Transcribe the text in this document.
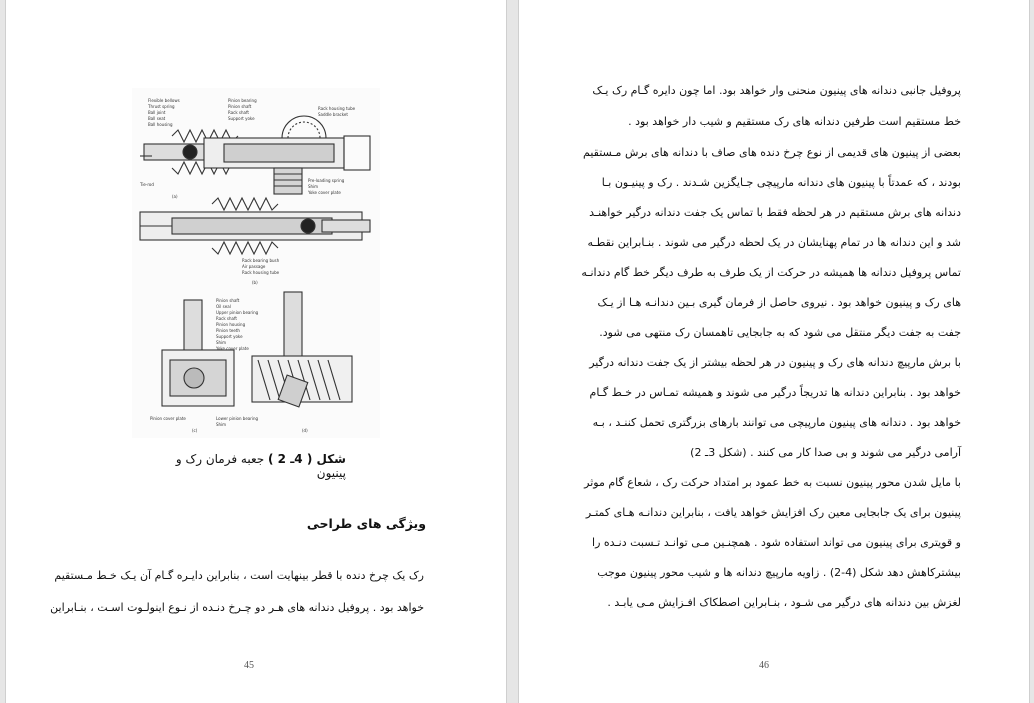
Flexible bellows
Thrust spring
Ball joint
Ball seat
Ball housing
Pinion bearing
Pinion shaft
Rack shaft
Support yoke
Rack housing tube
Saddle bracket
Tie-rod
Pre-loading spring
Shim
Yoke cover plate
Rack bearing bush
Air passage
Rack housing tube
Pinion shaft
Oil seal
Upper pinion bearing
Rack shaft
Pinion housing
Pinion teeth
Support yoke
Shim
Yoke cover plate
Pinion cover plate	Lower pinion bearing
Shim
(a)
(b)
(c)	(d)
شکل ( 4ـ 2 ) جعبه فرمان رک و پینیون
ویژگی های طراحی
رک یک چرخ دنده با قطر بینهایت است ، بنابراین دایـره گـام آن یـک خـط مـستقیم
خواهد بود . پروفیل دندانه های هـر دو چـرخ دنـده از نـوع اینولـوت اسـت ، بنـابراین
45
پروفیل جانبی دندانه های پینیون منحنی وار خواهد بود. اما چون دایره گـام رک یـک
خط مستقیم است طرفین دندانه های رک مستقیم و شیب دار خواهد بود .
بعضی از پینیون های قدیمی از نوع چرخ دنده های صاف با دندانه های برش مـستقیم
بودند ، که عمدتاً با پینیون های دندانه مارپیچی جـایگزین شـدند . رک و پینیـون بـا
دندانه های برش مستقیم در هر لحظه فقط با تماس یک جفت دندانه درگیر خواهنـد
شد و این دندانه ها در تمام پهنایشان در یک لحظه درگیر می شوند . بنـابراین نقطـه
تماس پروفیل دندانه ها همیشه در حرکت از یک طرف به طرف دیگر خط گام دندانـه
های رک و پینیون خواهد بود . نیروی حاصل از فرمان گیری بـین دندانـه هـا از یـک
جفت به جفت دیگر منتقل می شود که به جابجایی تاهمسان رک منتهی می شود.
با برش مارپیچ دندانه های رک و پینیون در هر لحظه بیشتر از یک جفت دندانه درگیر
خواهد بود . بنابراین دندانه ها تدریجاً درگیر می شوند و همیشه تمـاس در خـط گـام
خواهد بود . دندانه های پینیون مارپیچی می توانند بارهای بزرگتری تحمل کننـد ، بـه
آرامی درگیر می شوند و بی صدا کار می کنند . (شکل 3ـ 2)
با مایل شدن محور پینیون نسبت به خط عمود بر امتداد حرکت رک ، شعاع گام موثر
پینیون برای یک جابجایی معین رک افزایش خواهد یافت ، بنابراین دندانـه هـای کمتـر
و قویتری برای پینیون می تواند استفاده شود . همچنـین مـی توانـد تـسبت دنـده را
بیشترکاهش دهد شکل (4-2) . زاویه مارپیچ دندانه ها و شیب محور پینیون موجب
لغزش بین دندانه های درگیر می شـود ، بنـابراین اصطکاک افـزایش مـی یابـد .
46
